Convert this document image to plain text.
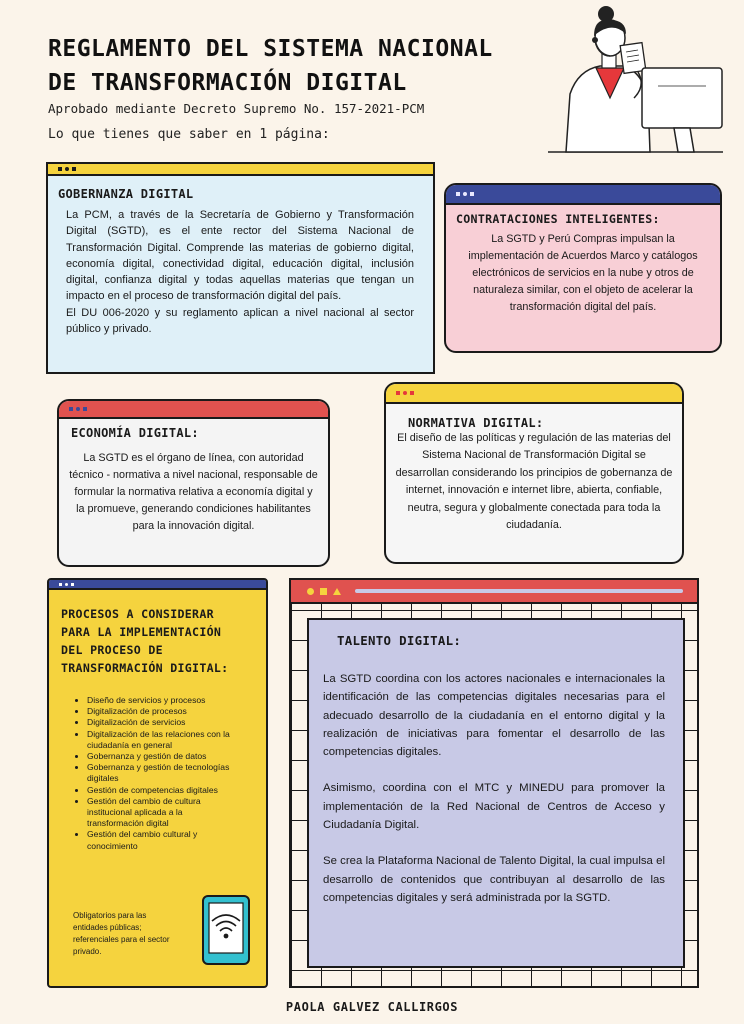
REGLAMENTO DEL SISTEMA NACIONAL
DE TRANSFORMACIÓN DIGITAL
Aprobado mediante Decreto Supremo No. 157-2021-PCM
Lo que tienes que saber en 1 página:
GOBERNANZA DIGITAL
La PCM, a través de la Secretaría de Gobierno y Transformación Digital (SGTD), es el ente rector del Sistema Nacional de Transformación Digital. Comprende las materias de gobierno digital, economía digital, conectividad digital, educación digital, inclusión digital, confianza digital y todas aquellas materias que tengan un impacto en el proceso de transformación digital del país.
El DU 006-2020 y su reglamento aplican a nivel nacional al sector público y privado.
CONTRATACIONES INTELIGENTES:
La SGTD y Perú Compras impulsan la implementación de Acuerdos Marco y catálogos electrónicos de servicios en la nube y otros de naturaleza similar, con el objeto de acelerar la transformación digital del país.
ECONOMÍA DIGITAL:
La SGTD es el órgano de línea, con autoridad técnico - normativa a nivel nacional, responsable de formular la normativa relativa a economía digital y la promueve, generando condiciones habilitantes para la innovación digital.
NORMATIVA DIGITAL:
El diseño de las políticas y regulación de las materias del Sistema Nacional de Transformación Digital se desarrollan considerando los principios de gobernanza de internet, innovación e internet libre, abierta, confiable, neutra, segura y globalmente conectada para toda la ciudadanía.
PROCESOS A CONSIDERAR
PARA LA IMPLEMENTACIÓN
DEL PROCESO DE
TRANSFORMACIÓN DIGITAL:
• Diseño de servicios y procesos
• Digitalización de procesos
• Digitalización de servicios
• Digitalización de las relaciones con la ciudadanía en general
• Gobernanza y gestión de datos
• Gobernanza y gestión de tecnologías digitales
• Gestión de competencias digitales
• Gestión del cambio de cultura institucional aplicada a la transformación digital
• Gestión del cambio cultural y conocimiento
Obligatorios para las entidades públicas; referenciales para el sector privado.
TALENTO DIGITAL:
La SGTD coordina con los actores nacionales e internacionales la identificación de las competencias digitales necesarias para el adecuado desarrollo de la ciudadanía en el entorno digital y la realización de iniciativas para fomentar el desarrollo de las competencias digitales.
Asimismo, coordina con el MTC y MINEDU para promover la implementación de la Red Nacional de Centros de Acceso y Ciudadanía Digital.
Se crea la Plataforma Nacional de Talento Digital, la cual impulsa el desarrollo de contenidos que contribuyan al desarrollo de las competencias digitales y será administrada por la SGTD.
PAOLA GALVEZ CALLIRGOS
